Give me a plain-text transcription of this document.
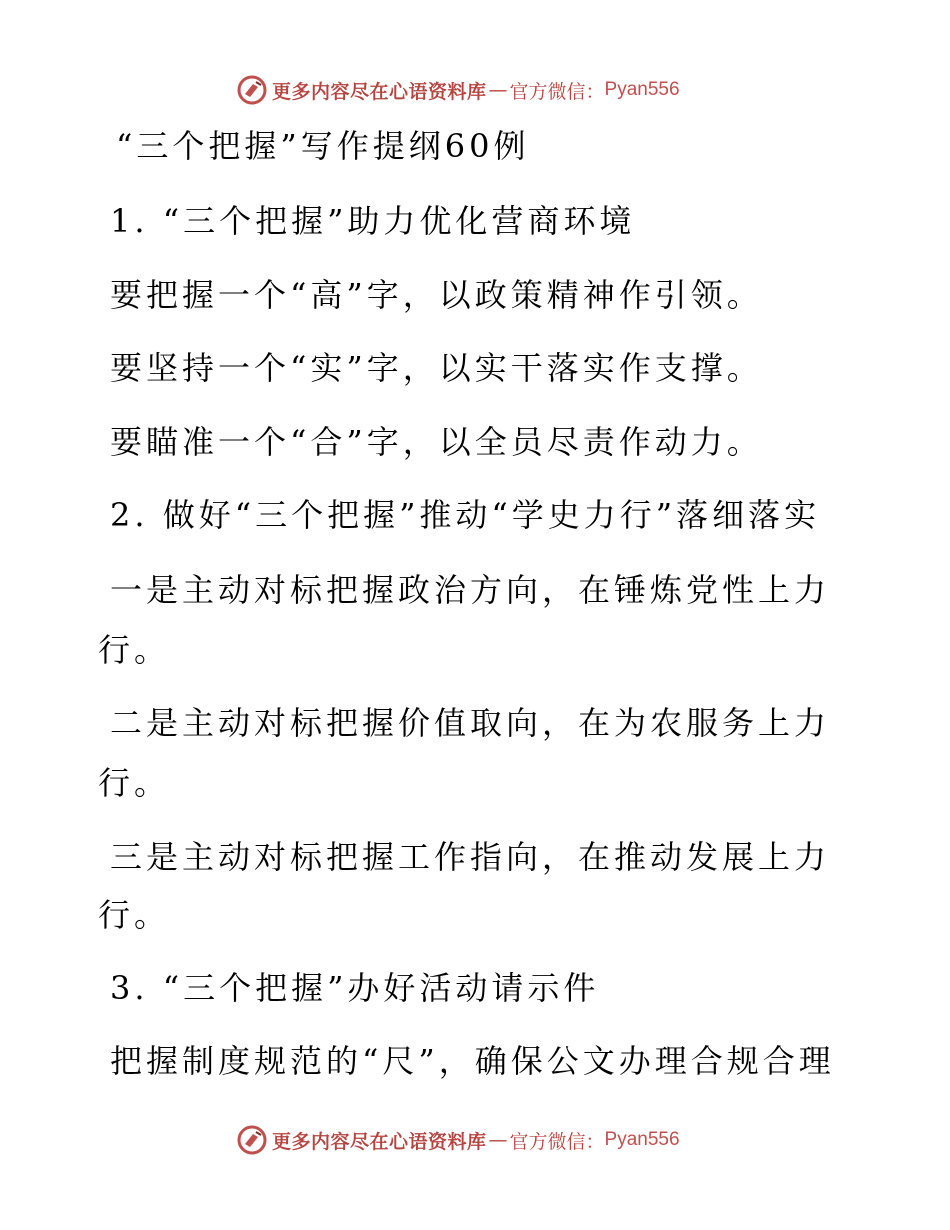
更多内容尽在心语资料库 — 官方微信： Pyan556
“三个把握”写作提纲60例
1. “三个把握”助力优化营商环境
要把握一个“高”字，以政策精神作引领。
要坚持一个“实”字，以实干落实作支撑。
要瞄准一个“合”字，以全员尽责作动力。
2. 做好“三个把握”推动“学史力行”落细落实
一是主动对标把握政治方向，在锤炼党性上力
行。
二是主动对标把握价值取向，在为农服务上力
行。
三是主动对标把握工作指向，在推动发展上力
行。
3. “三个把握”办好活动请示件
把握制度规范的“尺”，确保公文办理合规合理
更多内容尽在心语资料库 — 官方微信： Pyan556
